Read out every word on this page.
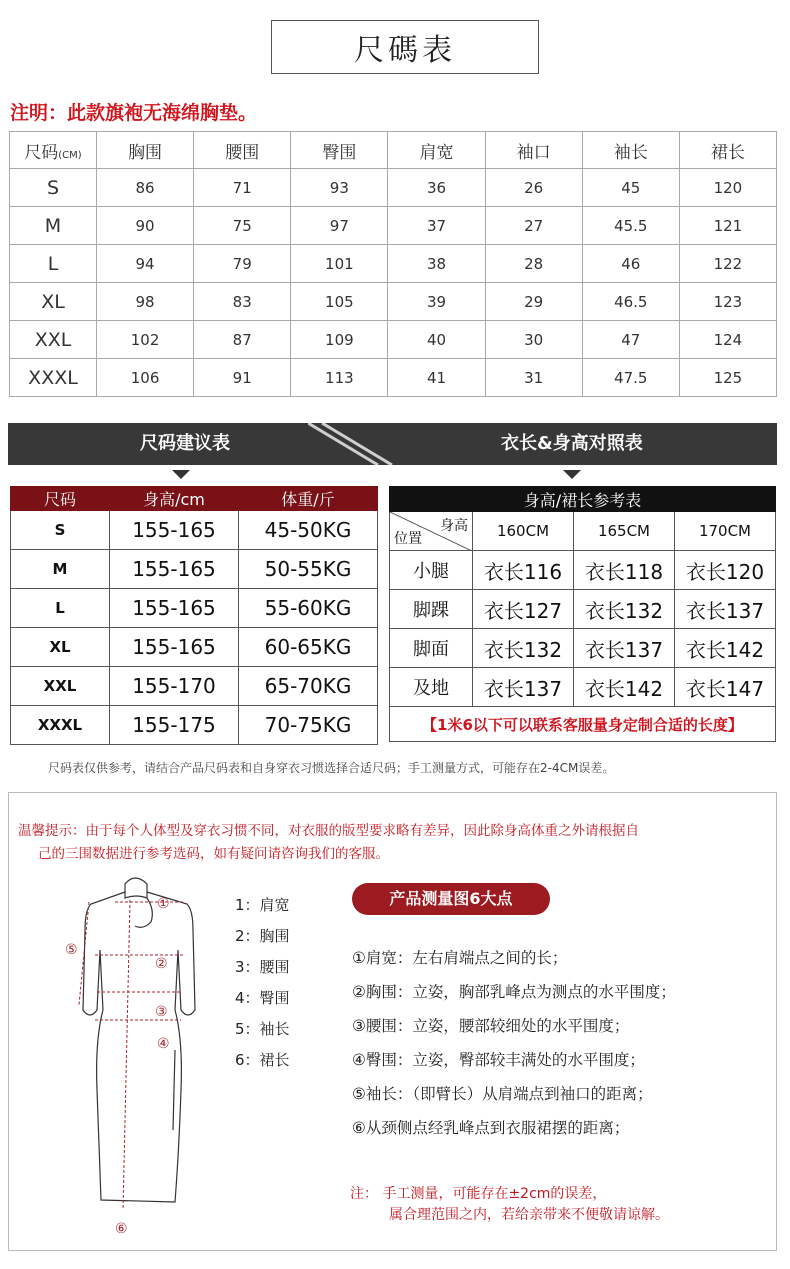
尺碼表
注明：此款旗袍无海绵胸垫。
尺码(CM)	胸围	腰围	臀围	肩宽	袖口	袖长	裙长
S	86	71	93	36	26	45	120
M	90	75	97	37	27	45.5	121
L	94	79	101	38	28	46	122
XL	98	83	105	39	29	46.5	123
XXL	102	87	109	40	30	47	124
XXXL	106	91	113	41	31	47.5	125
尺码建议表	衣长&身高对照表
尺码	身高/cm	体重/斤
S	155-165	45-50KG
M	155-165	50-55KG
L	155-165	55-60KG
XL	155-165	60-65KG
XXL	155-170	65-70KG
XXXL	155-175	70-75KG
身高/裙长参考表			

身高
位置	160CM	165CM	170CM
小腿	衣长116	衣长118	衣长120
脚踝	衣长127	衣长132	衣长137
脚面	衣长132	衣长137	衣长142
及地	衣长137	衣长142	衣长147
【1米6以下可以联系客服量身定制合适的长度】			
尺码表仅供参考，请结合产品尺码表和自身穿衣习惯选择合适尺码；手工测量方式，可能存在2-4CM误差。
温馨提示：由于每个人体型及穿衣习惯不同，对衣服的版型要求略有差异，因此除身高体重之外请根据自
己的三围数据进行参考选码，如有疑问请咨询我们的客服。
①
②
③
④
⑤
⑥
1：肩宽
2：胸围
3：腰围
4：臀围
5：袖长
6：裙长
产品测量图6大点
①肩宽：左右肩端点之间的长；
②胸围：立姿，胸部乳峰点为测点的水平围度；
③腰围：立姿，腰部较细处的水平围度；
④臀围：立姿，臀部较丰满处的水平围度；
⑤袖长：（即臂长）从肩端点到袖口的距离；
⑥从颈侧点经乳峰点到衣服裙摆的距离；
注： 手工测量，可能存在±2cm的误差，
属合理范围之内，若给亲带来不便敬请谅解。
